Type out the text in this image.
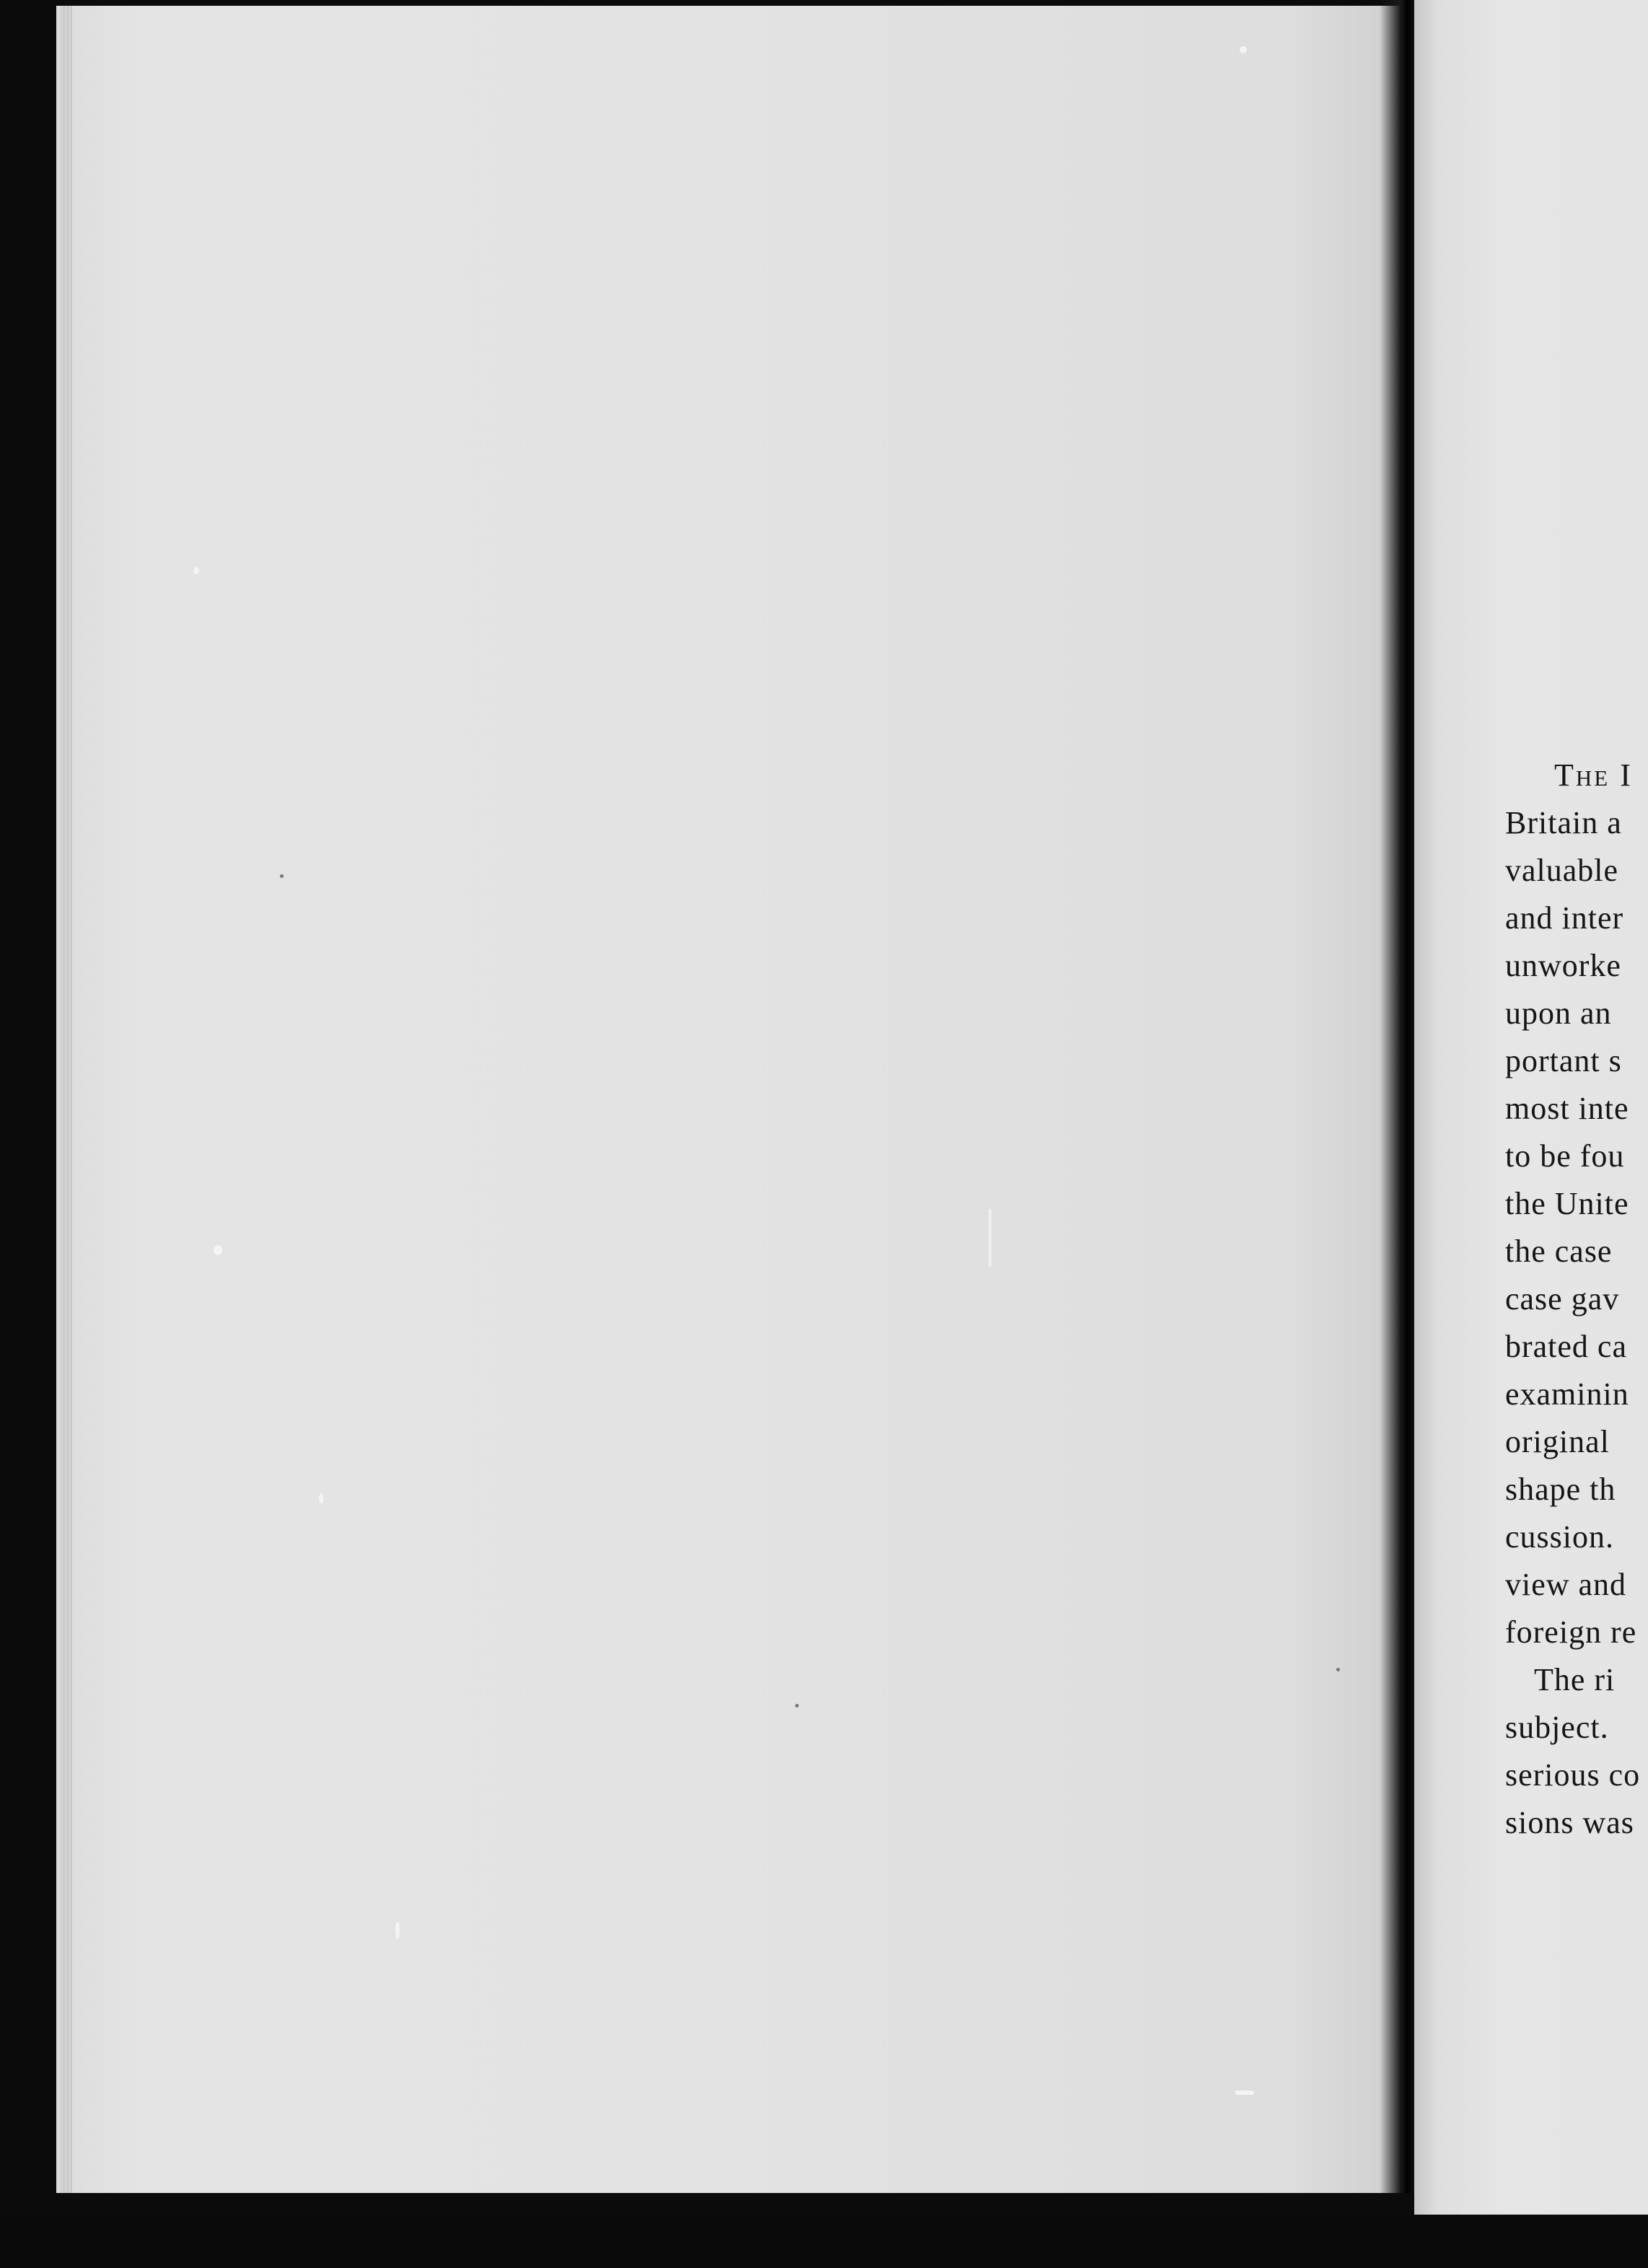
The I
Britain a
valuable
and inter
unworke
upon an
portant s
most inte
to be fou
the Unite
the case
case gav
brated ca
examinin
original
shape th
cussion.
view and
foreign re
The ri
subject.
serious co
sions was
